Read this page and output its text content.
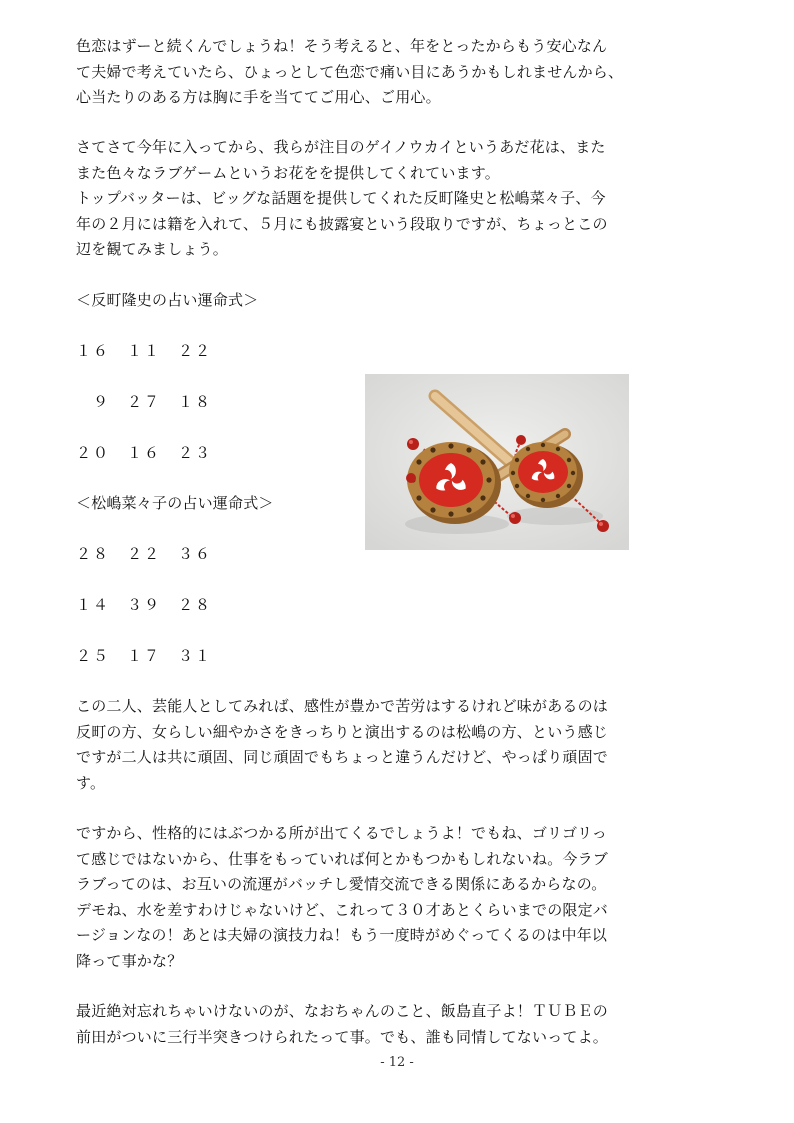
色恋はずーと続くんでしょうね！そう考えると、年をとったからもう安心なん
て夫婦で考えていたら、ひょっとして色恋で痛い目にあうかもしれませんから、
心当たりのある方は胸に手を当ててご用心、ご用心。
さてさて今年に入ってから、我らが注目のゲイノウカイというあだ花は、また
また色々なラブゲームというお花をを提供してくれています。
トップバッターは、ビッグな話題を提供してくれた反町隆史と松嶋菜々子、今
年の２月には籍を入れて、５月にも披露宴という段取りですが、ちょっとこの
辺を観てみましょう。
＜反町隆史の占い運命式＞
１６　１１　２２
　９　２７　１８
２０　１６　２３
＜松嶋菜々子の占い運命式＞
２８　２２　３６
１４　３９　２８
２５　１７　３１
この二人、芸能人としてみれば、感性が豊かで苦労はするけれど味があるのは
反町の方、女らしい細やかさをきっちりと演出するのは松嶋の方、という感じ
ですが二人は共に頑固、同じ頑固でもちょっと違うんだけど、やっぱり頑固で
す。
ですから、性格的にはぶつかる所が出てくるでしょうよ！でもね、ゴリゴリっ
て感じではないから、仕事をもっていれば何とかもつかもしれないね。今ラブ
ラブってのは、お互いの流運がバッチし愛情交流できる関係にあるからなの。
デモね、水を差すわけじゃないけど、これって３０才あとくらいまでの限定バ
ージョンなの！あとは夫婦の演技力ね！もう一度時がめぐってくるのは中年以
降って事かな？
最近絶対忘れちゃいけないのが、なおちゃんのこと、飯島直子よ！ＴＵＢＥの
前田がついに三行半突きつけられたって事。でも、誰も同情してないってよ。
- 12 -
